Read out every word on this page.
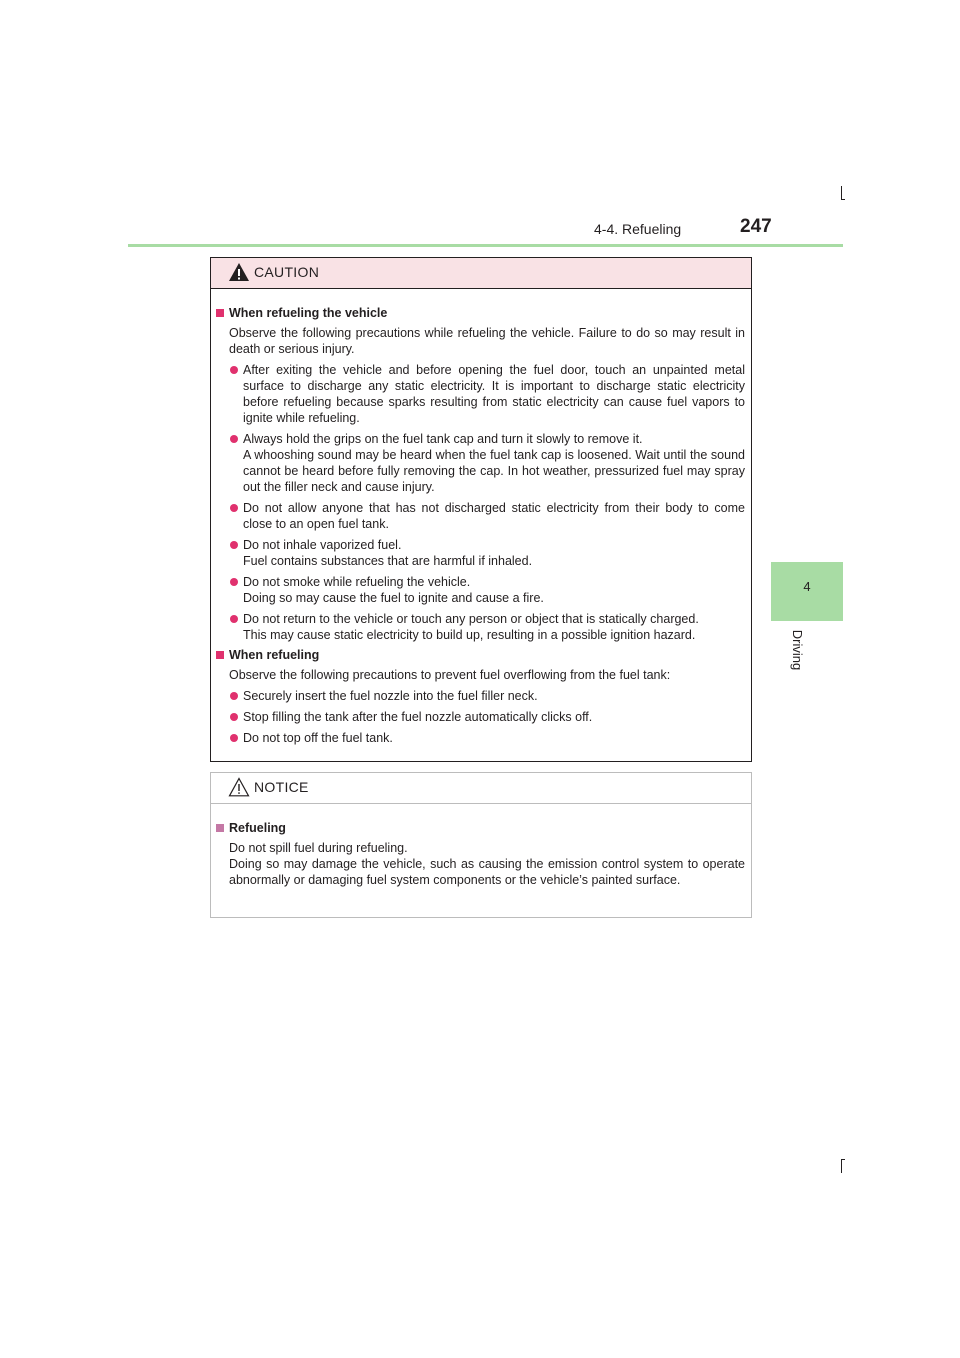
4-4. Refueling	247
4
Driving
CAUTION
When refueling the vehicle
Observe the following precautions while refueling the vehicle. Failure to do so may result in death or serious injury.
After exiting the vehicle and before opening the fuel door, touch an unpainted metal surface to discharge any static electricity. It is important to discharge static electricity before refueling because sparks resulting from static electricity can cause fuel vapors to ignite while refueling.
Always hold the grips on the fuel tank cap and turn it slowly to remove it.
A whooshing sound may be heard when the fuel tank cap is loosened. Wait until the sound cannot be heard before fully removing the cap. In hot weather, pressurized fuel may spray out the filler neck and cause injury.
Do not allow anyone that has not discharged static electricity from their body to come close to an open fuel tank.
Do not inhale vaporized fuel.
Fuel contains substances that are harmful if inhaled.
Do not smoke while refueling the vehicle.
Doing so may cause the fuel to ignite and cause a fire.
Do not return to the vehicle or touch any person or object that is statically charged.
This may cause static electricity to build up, resulting in a possible ignition hazard.
When refueling
Observe the following precautions to prevent fuel overflowing from the fuel tank:
Securely insert the fuel nozzle into the fuel filler neck.
Stop filling the tank after the fuel nozzle automatically clicks off.
Do not top off the fuel tank.
NOTICE
Refueling
Do not spill fuel during refueling.
Doing so may damage the vehicle, such as causing the emission control system to operate abnormally or damaging fuel system components or the vehicle’s painted surface.
